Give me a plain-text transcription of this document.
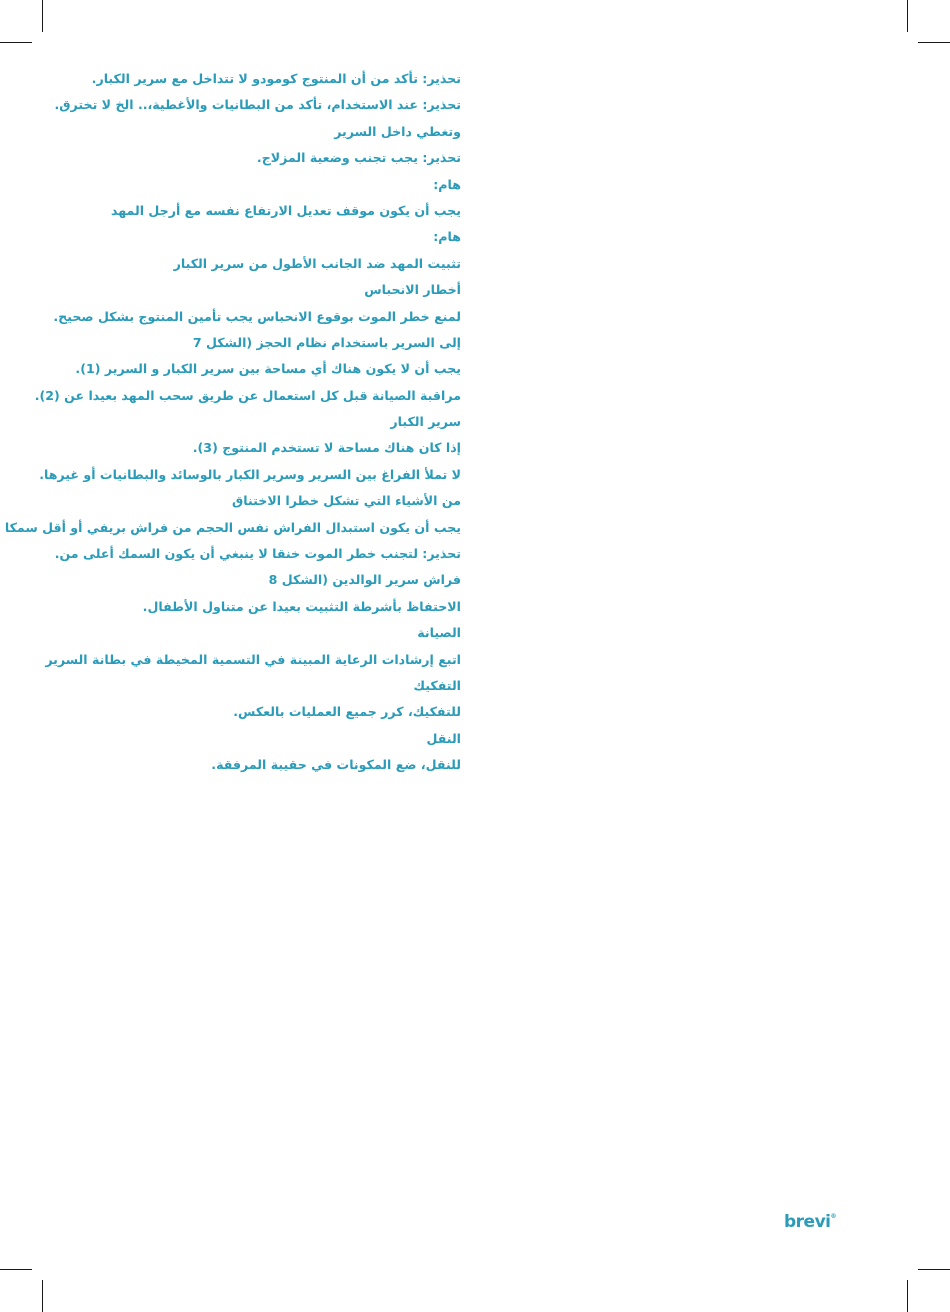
تحذير: تأكد من أن المنتوج كومودو لا تتداخل مع سرير الكبار.
تحذير: عند الاستخدام، تأكد من البطانيات والأغطية،.. الخ لا تخترق.
وتغطي داخل السرير
تحذير: يجب تجنب وضعية المزلاج.
هام:
يجب أن يكون موقف تعديل الارتفاع نفسه مع أرجل المهد
هام:
تثبيت المهد ضد الجانب الأطول من سرير الكبار
أخطار الانحباس
لمنع خطر الموت بوقوع الانحباس يجب تأمين المنتوج بشكل صحيح.
إلى السرير باستخدام نظام الحجز (الشكل 7
يجب أن لا يكون هناك أي مساحة بين سرير الكبار و السرير (1).
مراقبة الصيانة قبل كل استعمال عن طريق سحب المهد بعيدا عن (2).
سرير الكبار
إذا كان هناك مساحة لا تستخدم المنتوج (3).
لا تملأ الفراغ بين السرير وسرير الكبار بالوسائد والبطانيات أو غيرها.
من الأشياء التي تشكل خطرا الاختناق
يجب أن يكون استبدال الفراش نفس الحجم من فراش بريفي أو أقل سمكا
تحذير: لتجنب خطر الموت خنقا لا ينبغي أن يكون السمك أعلى من.
فراش سرير الوالدين (الشكل 8
الاحتفاظ بأشرطة التثبيت بعيدا عن متناول الأطفال.
الصيانة
اتبع إرشادات الرعاية المبينة في التسمية المخيطة في بطانة السرير
التفكيك
للتفكيك، كرر جميع العمليات بالعكس.
النقل
للنقل، ضع المكونات في حقيبة المرفقة.
brevi®
